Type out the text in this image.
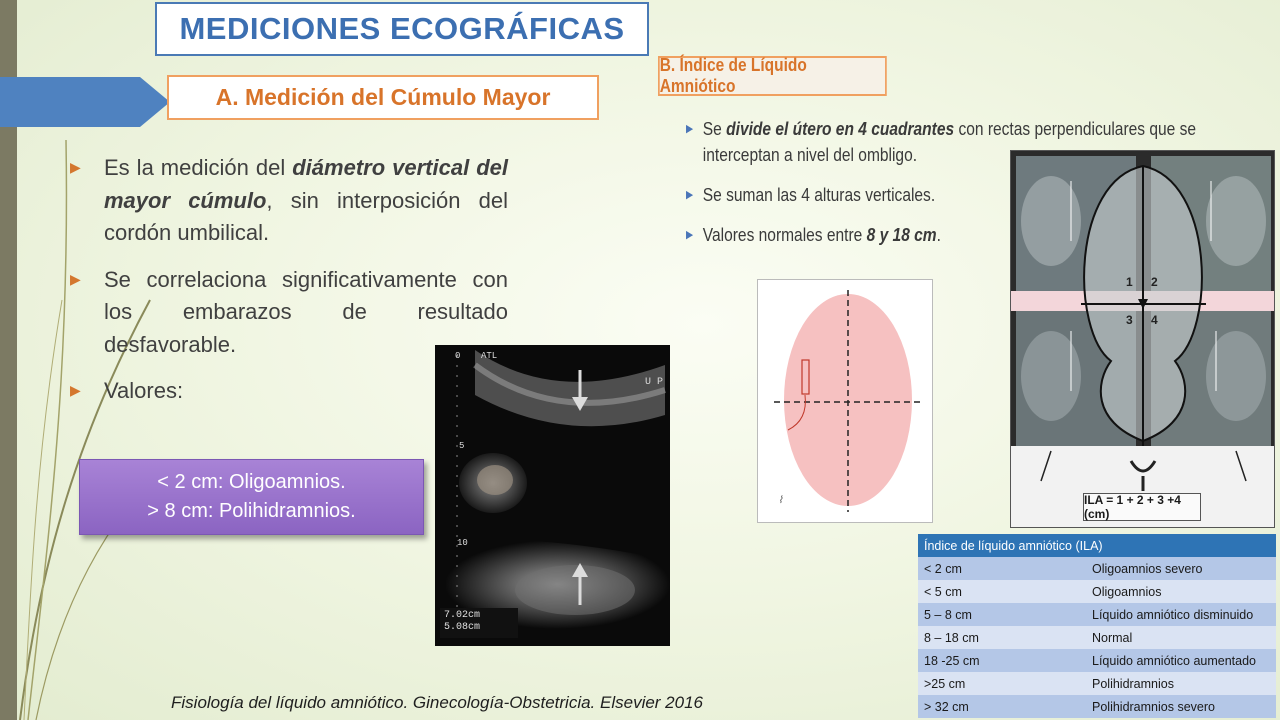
MEDICIONES ECOGRÁFICAS
A. Medición del Cúmulo Mayor
▶	Es la medición del diámetro vertical del mayor cúmulo, sin interposición del cordón umbilical.
▶	Se correlaciona significativamente con los embarazos de resultado desfavorable.
▶	Valores:
< 2 cm: Oligoamnios.
> 8 cm: Polihidramnios.
B. Índice de Líquido Amniótico
▶ Se divide el útero en 4 cuadrantes con rectas perpendiculares que se interceptan a nivel del ombligo.
▶ Se suman las 4 alturas verticales.
▶ Valores normales entre 8 y 18 cm.
0 ATL
U P
5
10
7.02cm
5.08cm
⌇
1 2
3 4
ILA = 1 + 2 + 3 +4 (cm)
Índice de líquido amniótico (ILA)	
< 2 cm	Oligoamnios severo
< 5 cm	Oligoamnios
5 – 8 cm	Líquido amniótico disminuido
8 – 18 cm	Normal
18 -25 cm	Líquido amniótico aumentado
>25 cm	Polihidramnios
> 32 cm	Polihidramnios severo
Fisiología del líquido amniótico. Ginecología-Obstetricia. Elsevier 2016
